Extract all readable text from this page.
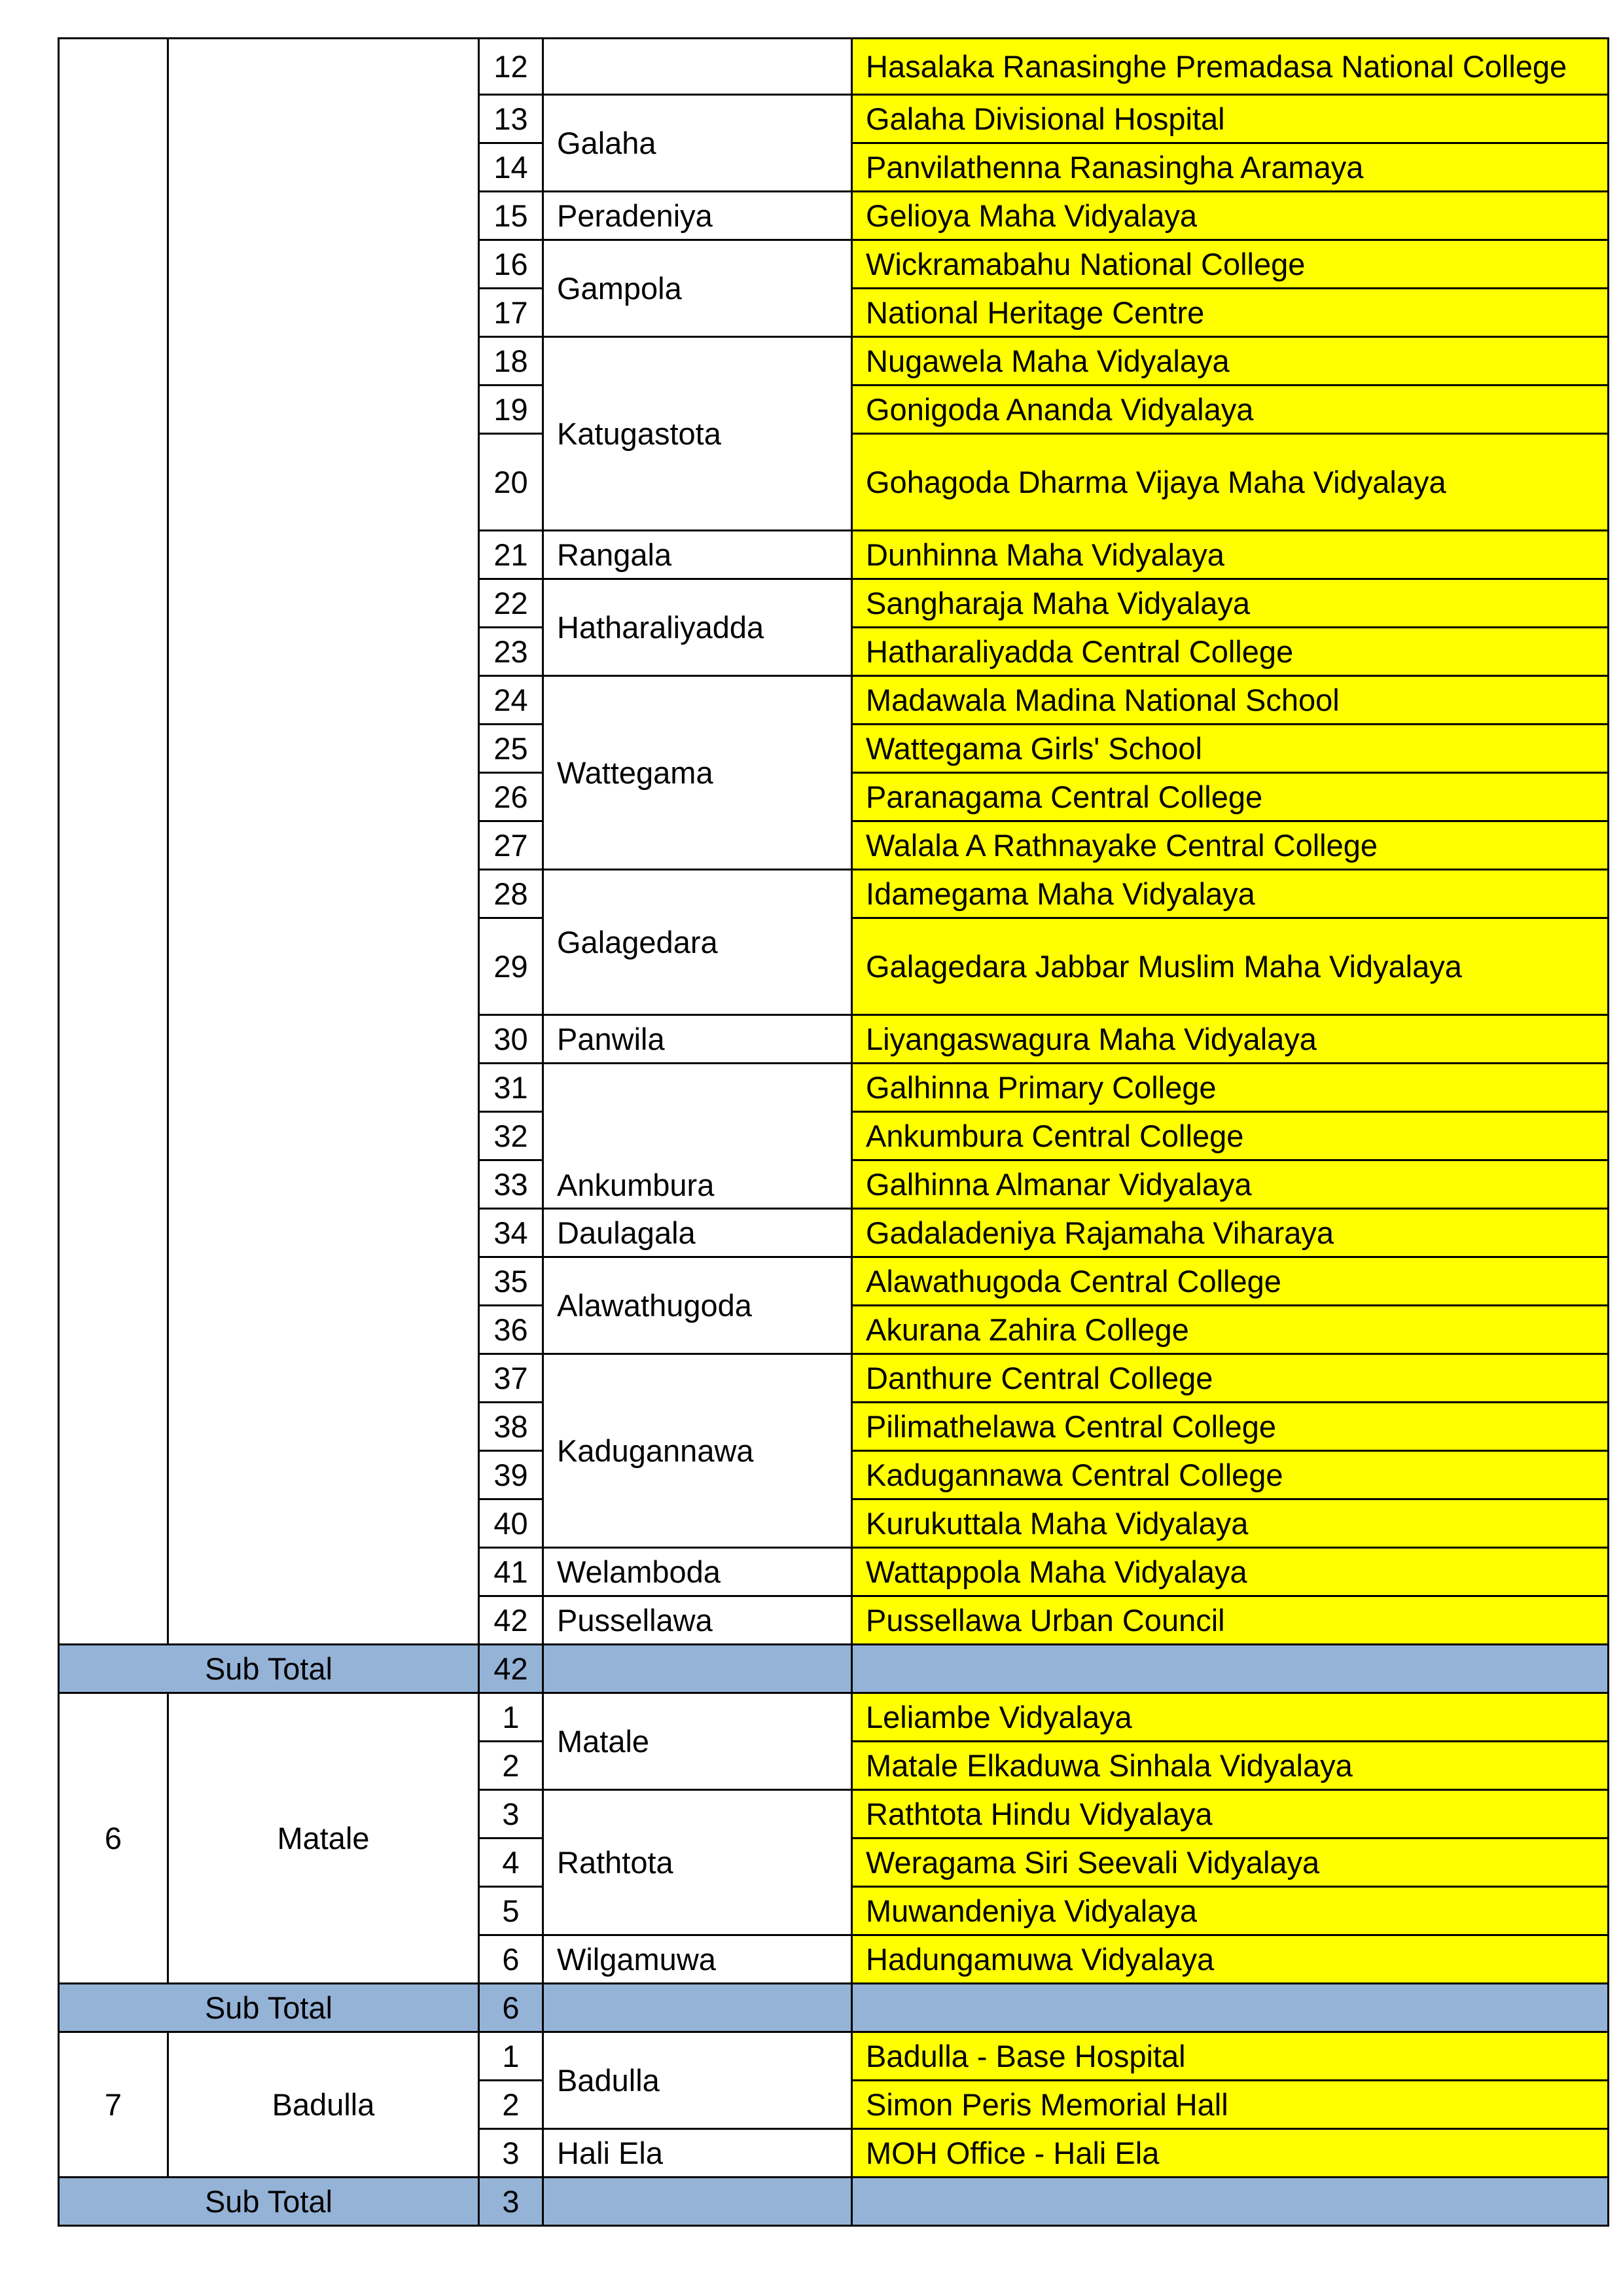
		12		Hasalaka Ranasinghe Premadasa National College
		13	Galaha	Galaha Divisional Hospital
		14		Panvilathenna Ranasingha Aramaya
		15	Peradeniya	Gelioya Maha Vidyalaya
		16	Gampola	Wickramabahu National College
		17		National Heritage Centre
		18	Katugastota	Nugawela Maha Vidyalaya
		19		Gonigoda Ananda Vidyalaya
		20		Gohagoda Dharma Vijaya Maha Vidyalaya
		21	Rangala	Dunhinna Maha Vidyalaya
		22	Hatharaliyadda	Sangharaja Maha Vidyalaya
		23		Hatharaliyadda Central College
		24	Wattegama	Madawala Madina National School
		25		Wattegama Girls' School
		26		Paranagama Central College
		27		Walala A Rathnayake Central College
		28	Galagedara	Idamegama Maha Vidyalaya
		29		Galagedara Jabbar Muslim Maha Vidyalaya
		30	Panwila	Liyangaswagura Maha Vidyalaya
		31	Ankumbura	Galhinna Primary College
		32		Ankumbura Central College
		33		Galhinna Almanar Vidyalaya
		34	Daulagala	Gadaladeniya Rajamaha Viharaya
		35	Alawathugoda	Alawathugoda Central College
		36		Akurana Zahira College
		37	Kadugannawa	Danthure Central College
		38		Pilimathelawa Central College
		39		Kadugannawa Central College
		40		Kurukuttala Maha Vidyalaya
		41	Welamboda	Wattappola Maha Vidyalaya
		42	Pussellawa	Pussellawa Urban Council
Sub Total		42		
6	Matale	1	Matale	Leliambe Vidyalaya
		2		Matale Elkaduwa Sinhala Vidyalaya
		3	Rathtota	Rathtota Hindu Vidyalaya
		4		Weragama Siri Seevali Vidyalaya
		5		Muwandeniya Vidyalaya
		6	Wilgamuwa	Hadungamuwa Vidyalaya
Sub Total		6		
7	Badulla	1	Badulla	Badulla - Base Hospital
		2		Simon Peris Memorial Hall
		3	Hali Ela	MOH Office - Hali Ela
Sub Total		3		
